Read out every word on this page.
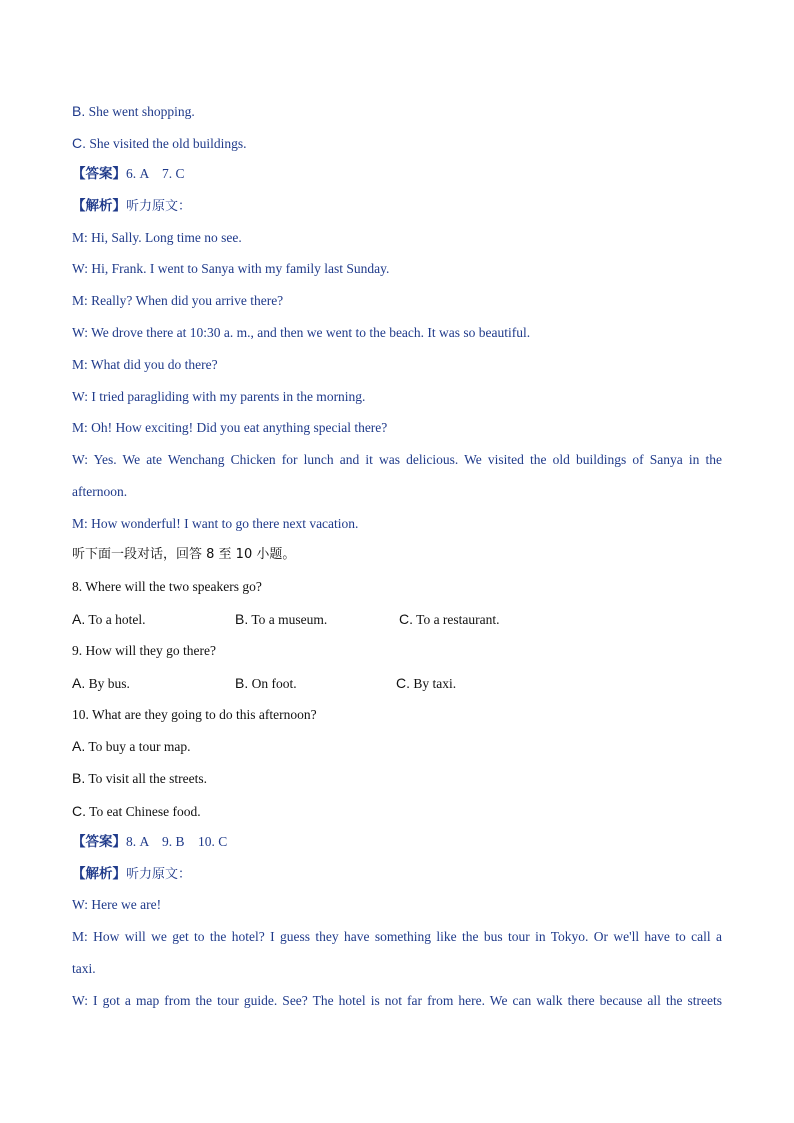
B. She went shopping.

C. She visited the old buildings.

【答案】6. A    7. C

【解析】听力原文：

M: Hi, Sally. Long time no see.

W: Hi, Frank. I went to Sanya with my family last Sunday.

M: Really? When did you arrive there?

W: We drove there at 10:30 a. m., and then we went to the beach. It was so beautiful.

M: What did you do there?

W: I tried paragliding with my parents in the morning.

M: Oh! How exciting! Did you eat anything special there?

W: Yes. We ate Wenchang Chicken for lunch and it was delicious. We visited the old buildings of Sanya in the

afternoon.

M: How wonderful! I want to go there next vacation.

听下面一段对话，回答 8 至 10 小题。

8. Where will the two speakers go?

A. To a hotel.	B. To a museum.	C. To a restaurant.

9. How will they go there?

A. By bus.	B. On foot.	C. By taxi.

10. What are they going to do this afternoon?

A. To buy a tour map.

B. To visit all the streets.

C. To eat Chinese food.

【答案】8. A    9. B    10. C

【解析】听力原文：

W: Here we are!

M: How will we get to the hotel? I guess they have something like the bus tour in Tokyo. Or we'll have to call a

taxi.

W: I got a map from the tour guide. See? The hotel is not far from here. We can walk there because all the streets
